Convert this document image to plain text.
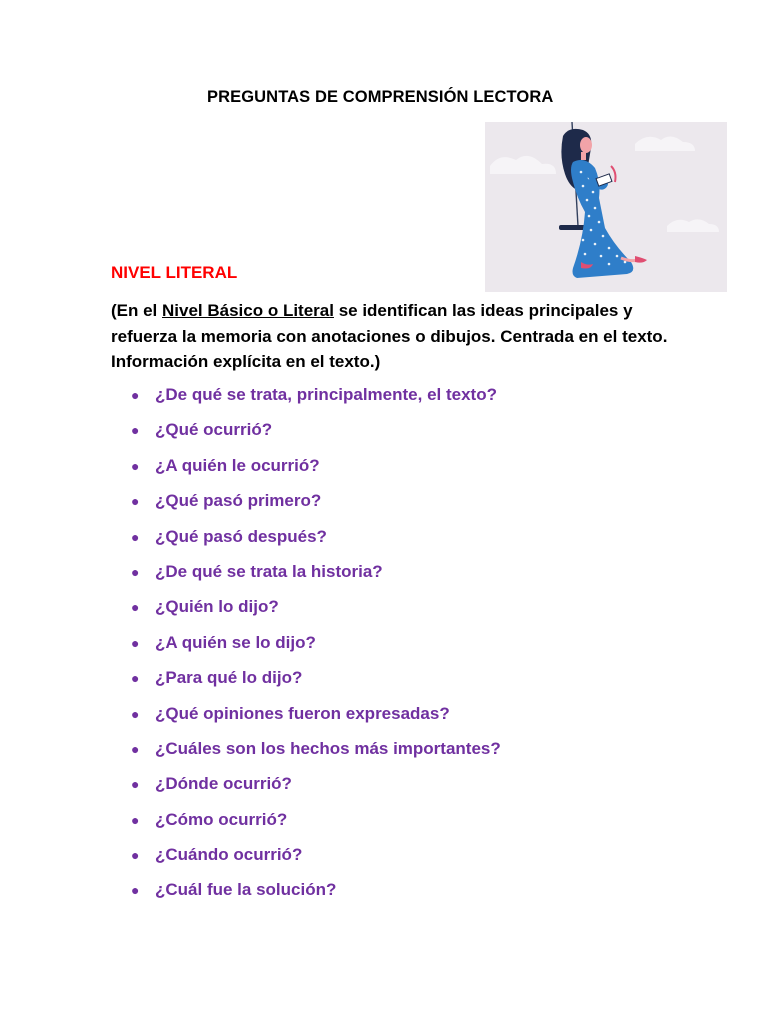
PREGUNTAS DE COMPRENSIÓN LECTORA
NIVEL LITERAL
(En el Nivel Básico o Literal se identifican las ideas principales y refuerza la memoria con anotaciones o dibujos. Centrada en el texto. Información explícita en el texto.)
● ¿De qué se trata, principalmente, el texto?
● ¿Qué ocurrió?
● ¿A quién le ocurrió?
● ¿Qué pasó primero?
● ¿Qué pasó después?
● ¿De qué se trata la historia?
● ¿Quién lo dijo?
● ¿A quién se lo dijo?
● ¿Para qué lo dijo?
● ¿Qué opiniones fueron expresadas?
● ¿Cuáles son los hechos más importantes?
● ¿Dónde ocurrió?
● ¿Cómo ocurrió?
● ¿Cuándo ocurrió?
● ¿Cuál fue la solución?
